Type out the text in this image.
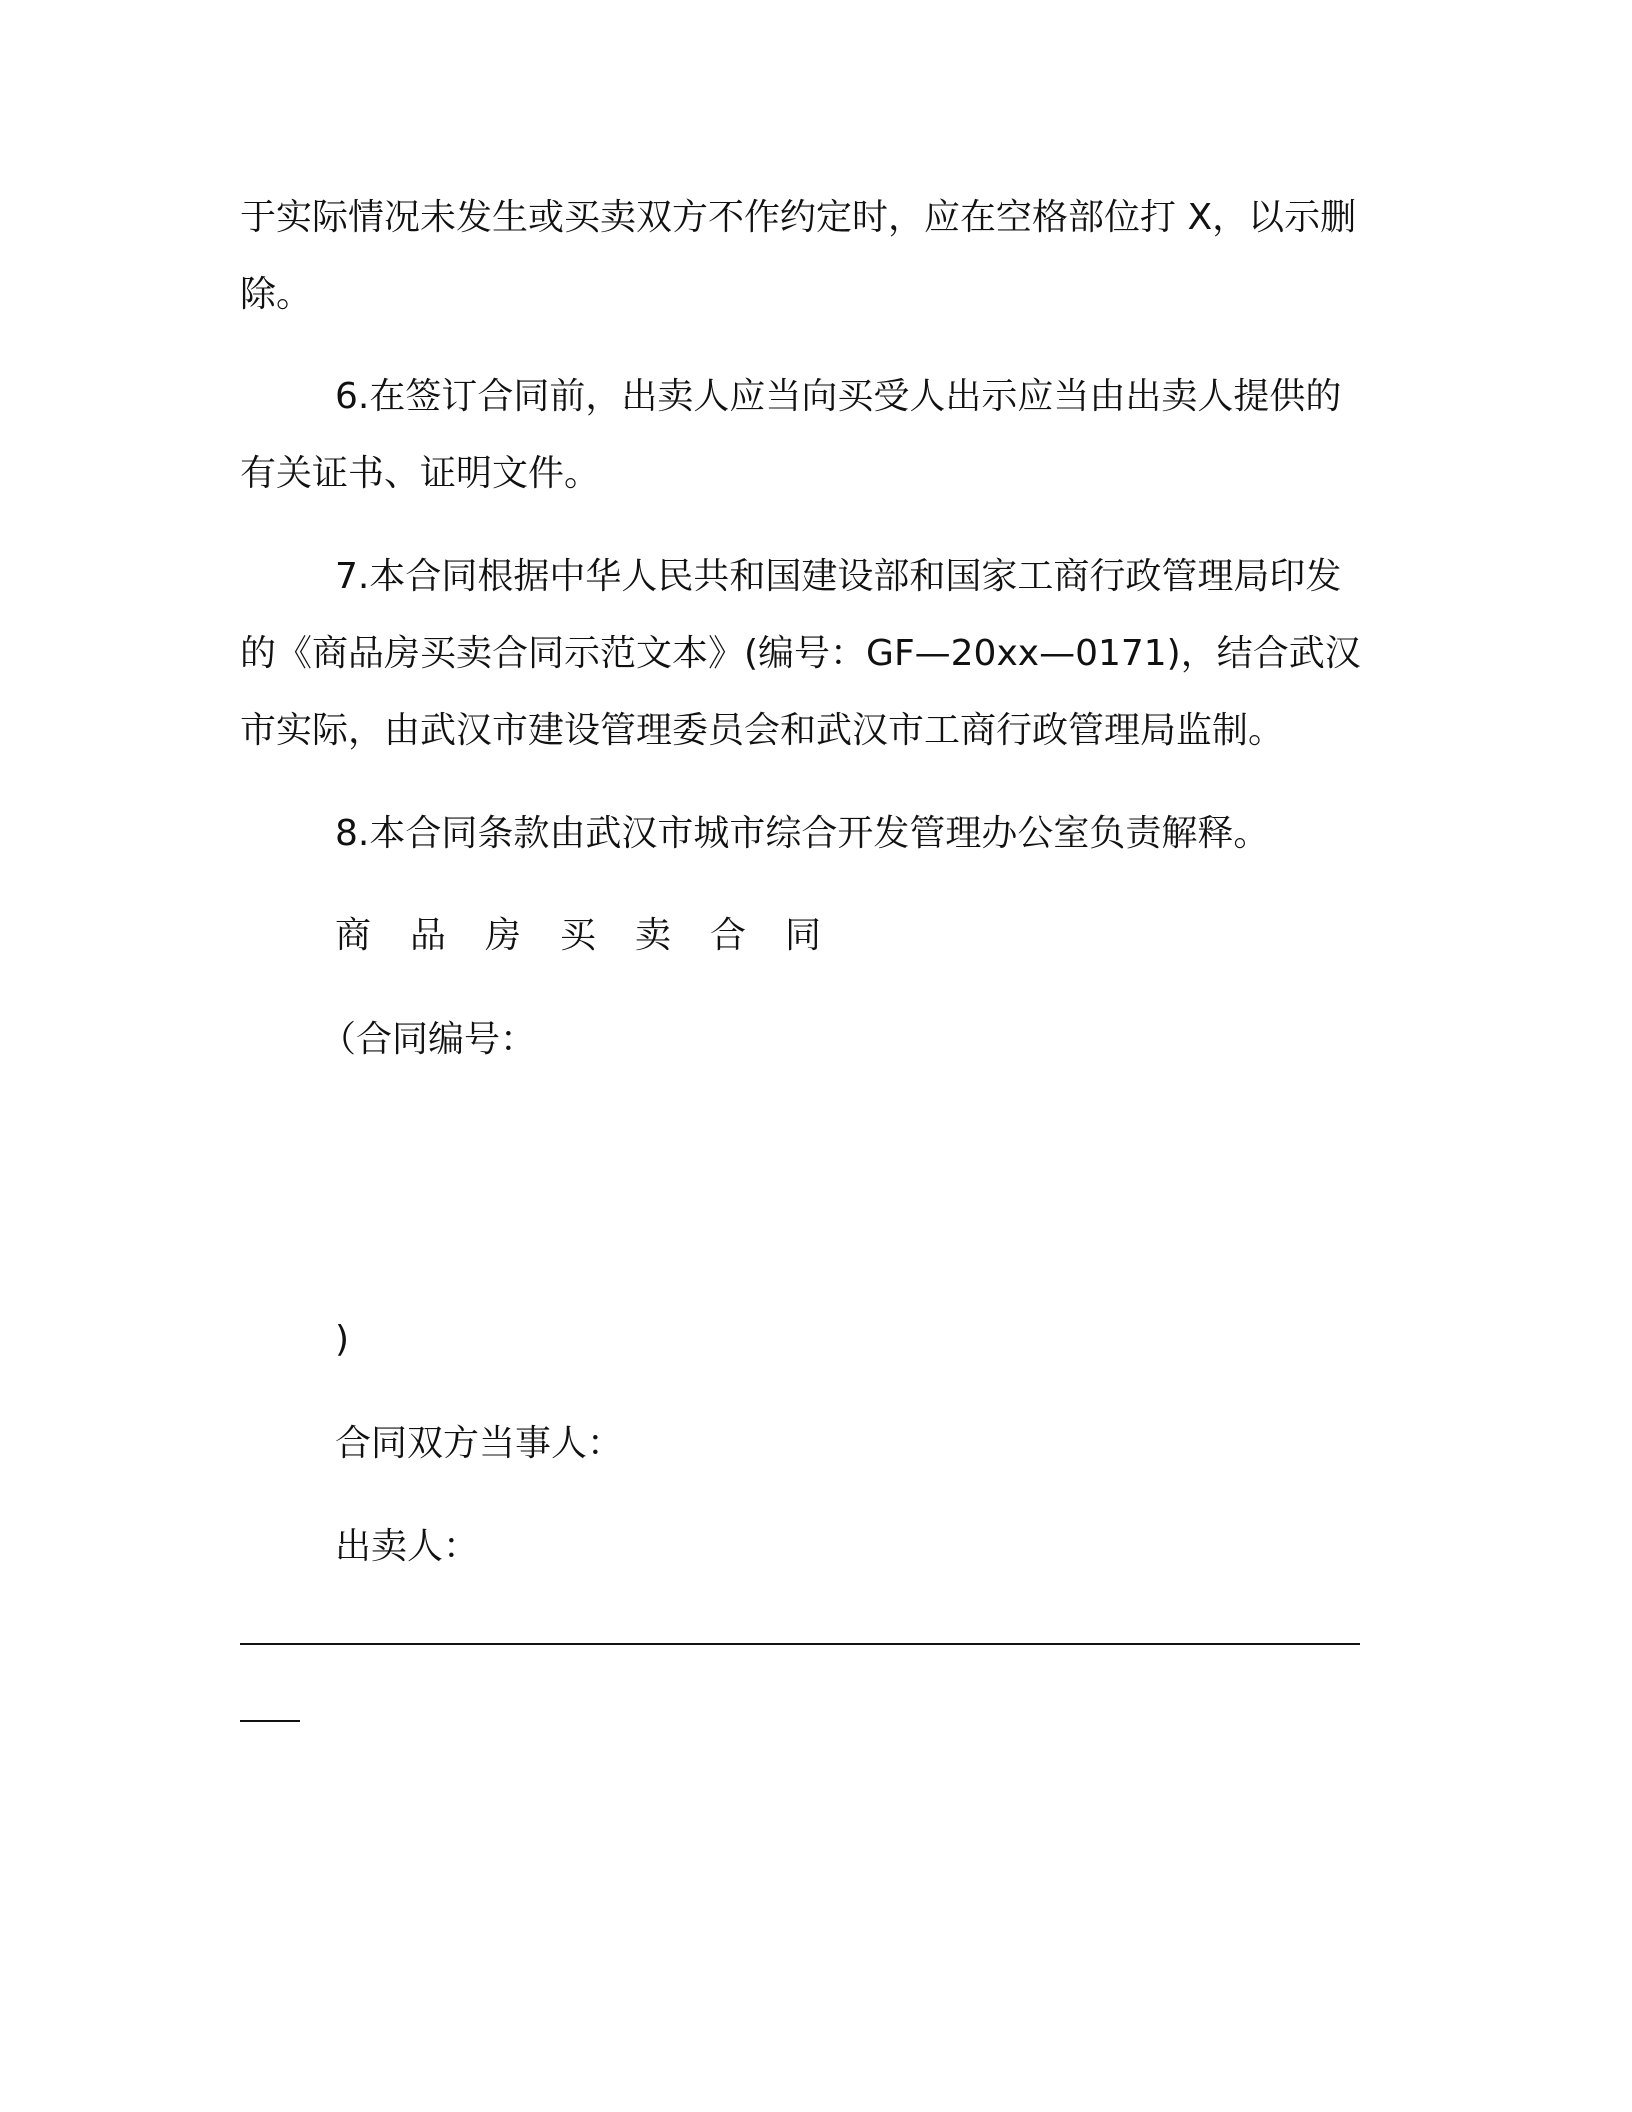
于实际情况未发生或买卖双方不作约定时，应在空格部位打 X，以示删
除。
6.在签订合同前，出卖人应当向买受人出示应当由出卖人提供的
有关证书、证明文件。
7.本合同根据中华人民共和国建设部和国家工商行政管理局印发
的《商品房买卖合同示范文本》(编号：GF—20xx—0171)，结合武汉
市实际，由武汉市建设管理委员会和武汉市工商行政管理局监制。
8.本合同条款由武汉市城市综合开发管理办公室负责解释。
商品房买卖合同
（合同编号：
)
合同双方当事人：
出卖人：
